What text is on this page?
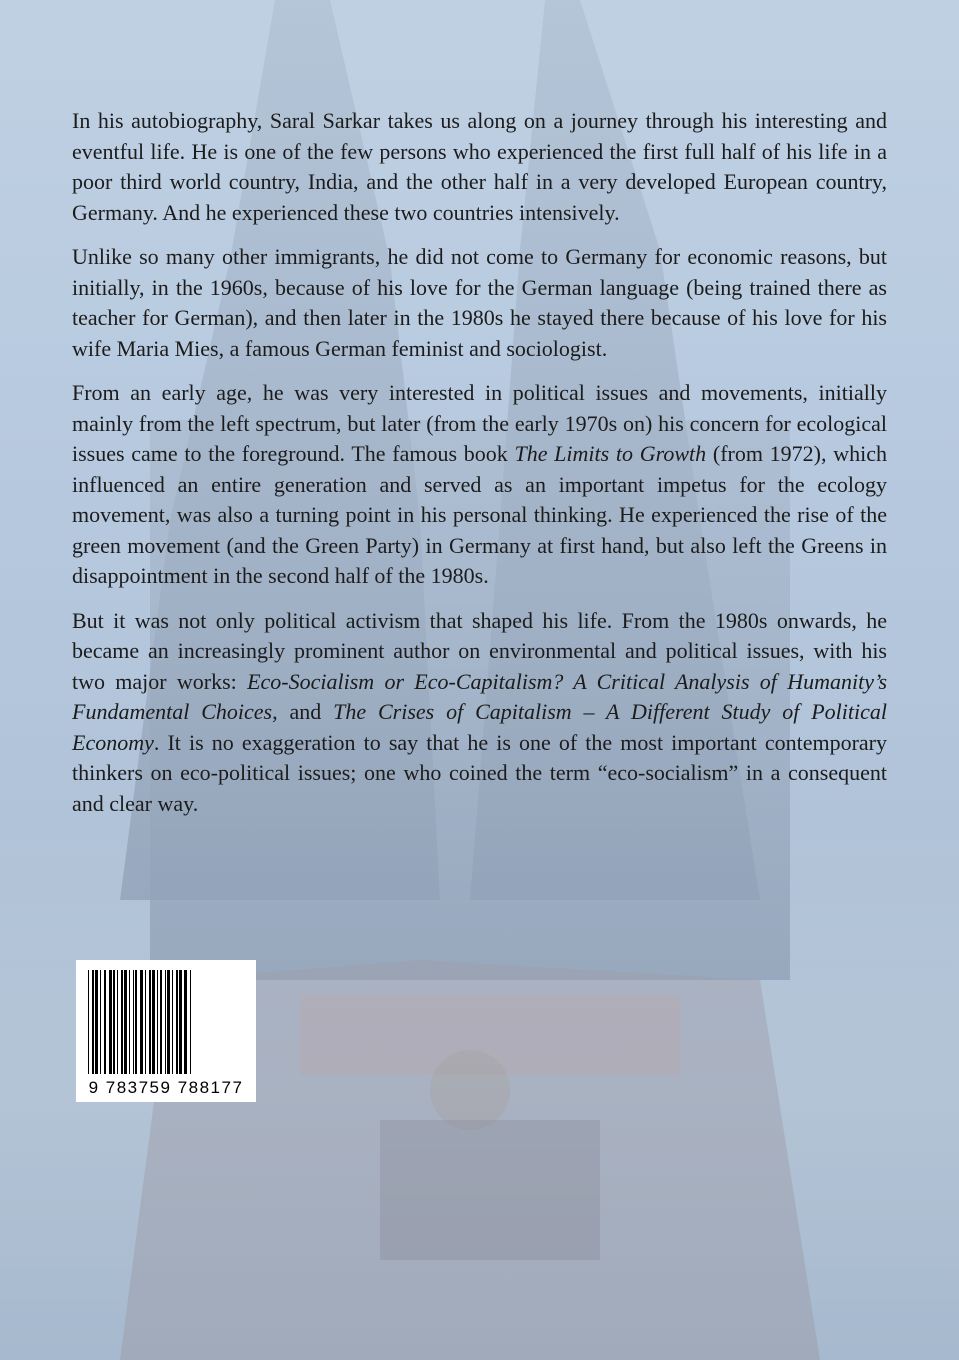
In his autobiography, Saral Sarkar takes us along on a journey through his interesting and eventful life. He is one of the few persons who experienced the first full half of his life in a poor third world country, India, and the other half in a very developed European country, Germany. And he experienced these two countries intensively.

Unlike so many other immigrants, he did not come to Germany for economic reasons, but initially, in the 1960s, because of his love for the German language (being trained there as teacher for German), and then later in the 1980s he stayed there because of his love for his wife Maria Mies, a famous German feminist and sociologist.

From an early age, he was very interested in political issues and movements, initially mainly from the left spectrum, but later (from the early 1970s on) his concern for ecological issues came to the foreground. The famous book The Limits to Growth (from 1972), which influenced an entire generation and served as an important impetus for the ecology movement, was also a turning point in his personal thinking. He experienced the rise of the green movement (and the Green Party) in Germany at first hand, but also left the Greens in disappointment in the second half of the 1980s.

But it was not only political activism that shaped his life. From the 1980s onwards, he became an increasingly prominent author on environmental and political issues, with his two major works: Eco-Socialism or Eco-Capitalism? A Critical Analysis of Humanity’s Fundamental Choices, and The Crises of Capitalism – A Different Study of Political Economy. It is no exaggeration to say that he is one of the most important contemporary thinkers on eco-political issues; one who coined the term “eco-socialism” in a consequent and clear way.

9 783759 788177
